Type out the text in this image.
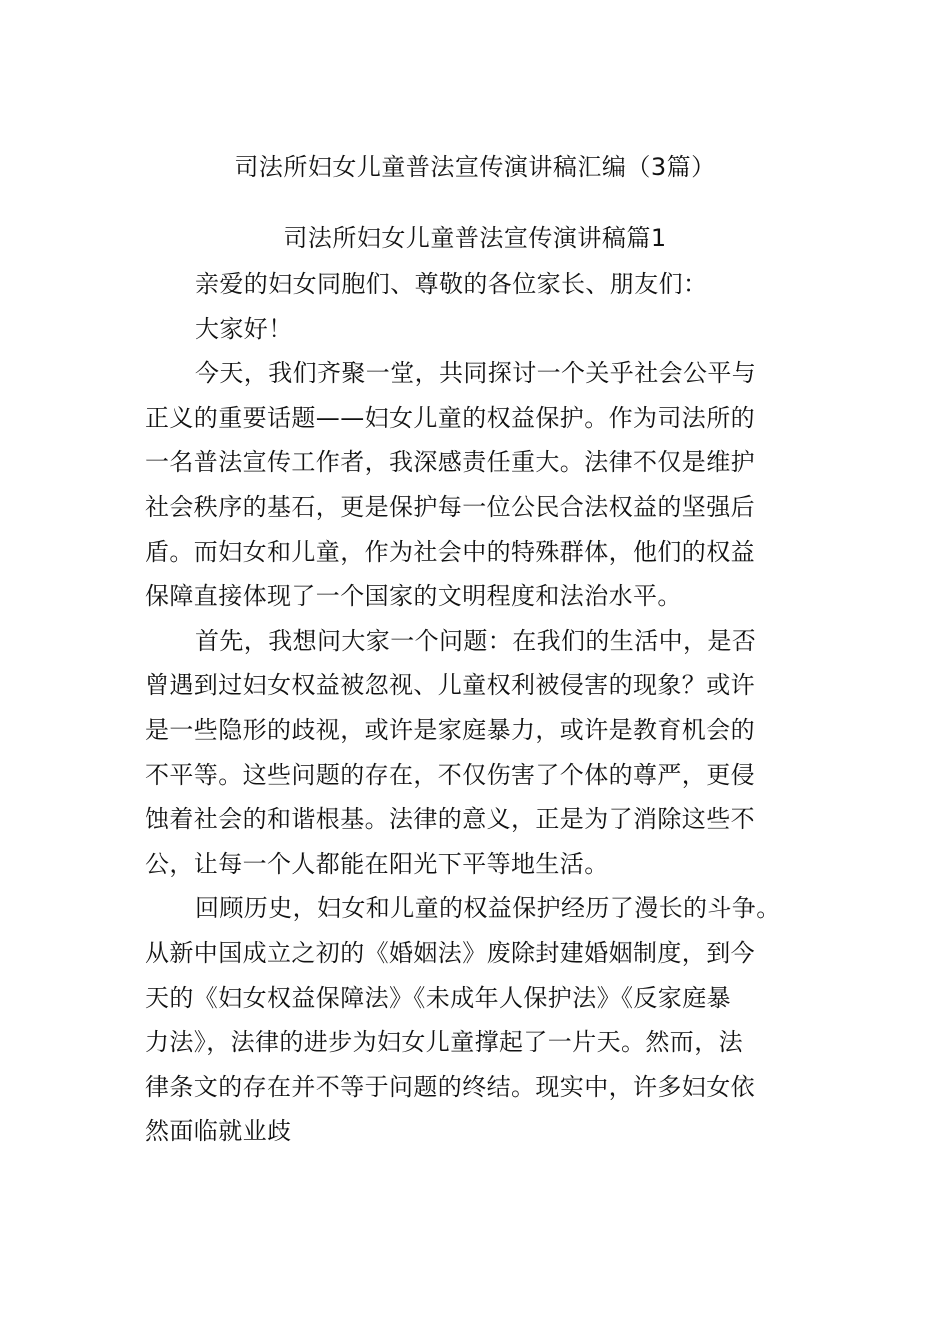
司法所妇女儿童普法宣传演讲稿汇编（3篇）
司法所妇女儿童普法宣传演讲稿篇1
亲爱的妇女同胞们、尊敬的各位家长、朋友们：
大家好！
今天，我们齐聚一堂，共同探讨一个关乎社会公平与
正义的重要话题——妇女儿童的权益保护。作为司法所的
一名普法宣传工作者，我深感责任重大。法律不仅是维护
社会秩序的基石，更是保护每一位公民合法权益的坚强后
盾。而妇女和儿童，作为社会中的特殊群体，他们的权益
保障直接体现了一个国家的文明程度和法治水平。
首先，我想问大家一个问题：在我们的生活中，是否
曾遇到过妇女权益被忽视、儿童权利被侵害的现象？或许
是一些隐形的歧视，或许是家庭暴力，或许是教育机会的
不平等。这些问题的存在，不仅伤害了个体的尊严，更侵
蚀着社会的和谐根基。法律的意义，正是为了消除这些不
公，让每一个人都能在阳光下平等地生活。
回顾历史，妇女和儿童的权益保护经历了漫长的斗争。
从新中国成立之初的《婚姻法》废除封建婚姻制度，到今
天的《妇女权益保障法》《未成年人保护法》《反家庭暴
力法》，法律的进步为妇女儿童撑起了一片天。然而，法
律条文的存在并不等于问题的终结。现实中，许多妇女依
然面临就业歧
